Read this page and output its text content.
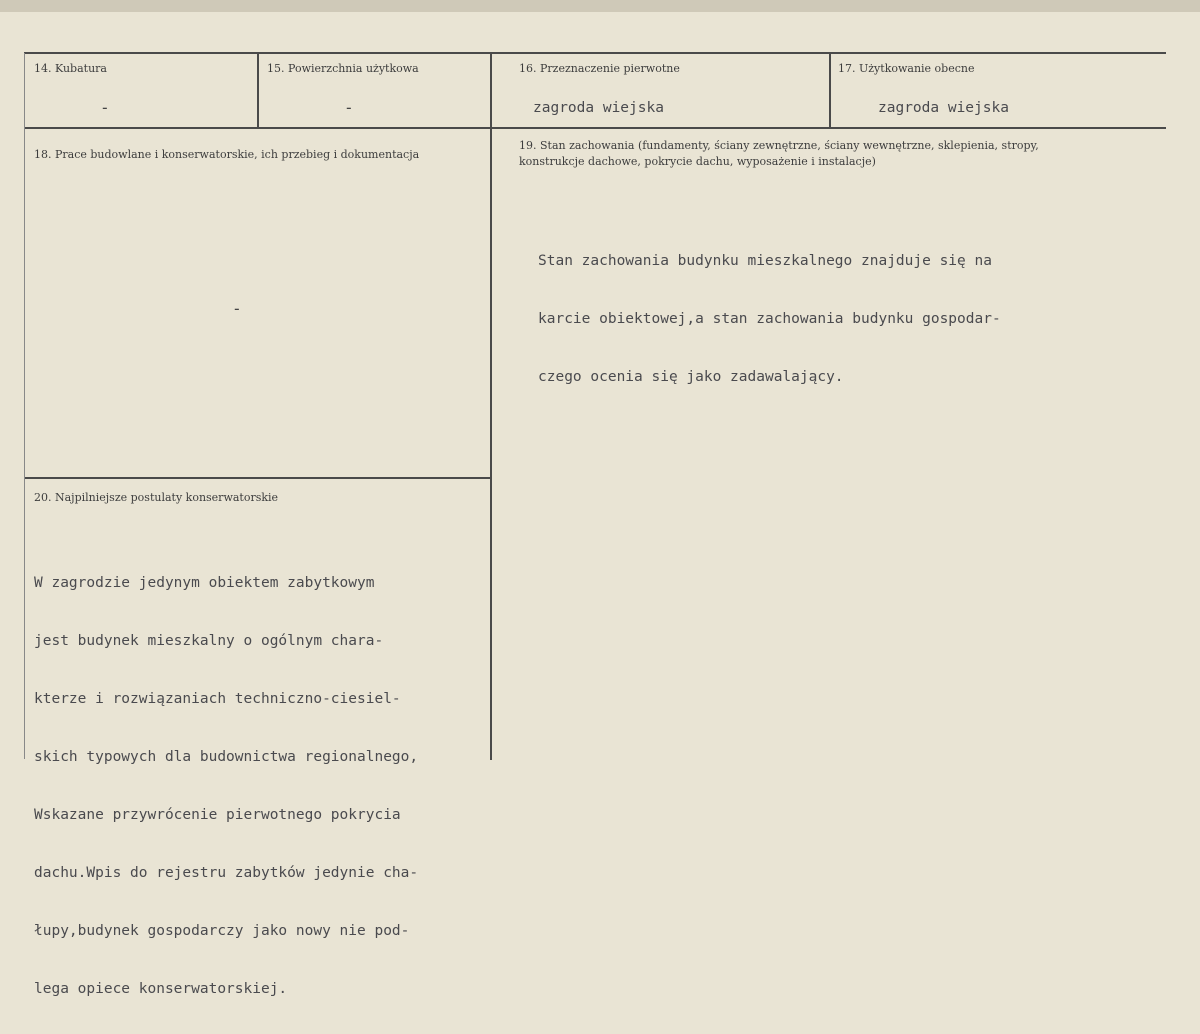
14. Kubatura
-
15. Powierzchnia użytkowa
-
16. Przeznaczenie pierwotne
zagroda wiejska
17. Użytkowanie obecne
zagroda wiejska
18. Prace budowlane i konserwatorskie, ich przebieg i dokumentacja
-
19. Stan zachowania (fundamenty, ściany zewnętrzne, ściany wewnętrzne, sklepienia, stropy,
konstrukcje dachowe, pokrycie dachu, wyposażenie i instalacje)

Stan zachowania budynku mieszkalnego znajduje się na

karcie obiektowej,a stan zachowania budynku gospodar-

czego ocenia się jako zadawalający.

20. Najpilniejsze postulaty konserwatorskie

W zagrodzie jedynym obiektem zabytkowym

jest budynek mieszkalny o ogólnym chara-

kterze i rozwiązaniach techniczno-ciesiel-

skich typowych dla budownictwa regionalnego,

Wskazane przywrócenie pierwotnego pokrycia

dachu.Wpis do rejestru zabytków jedynie cha-

łupy,budynek gospodarczy jako nowy nie pod-

lega opiece konserwatorskiej.
